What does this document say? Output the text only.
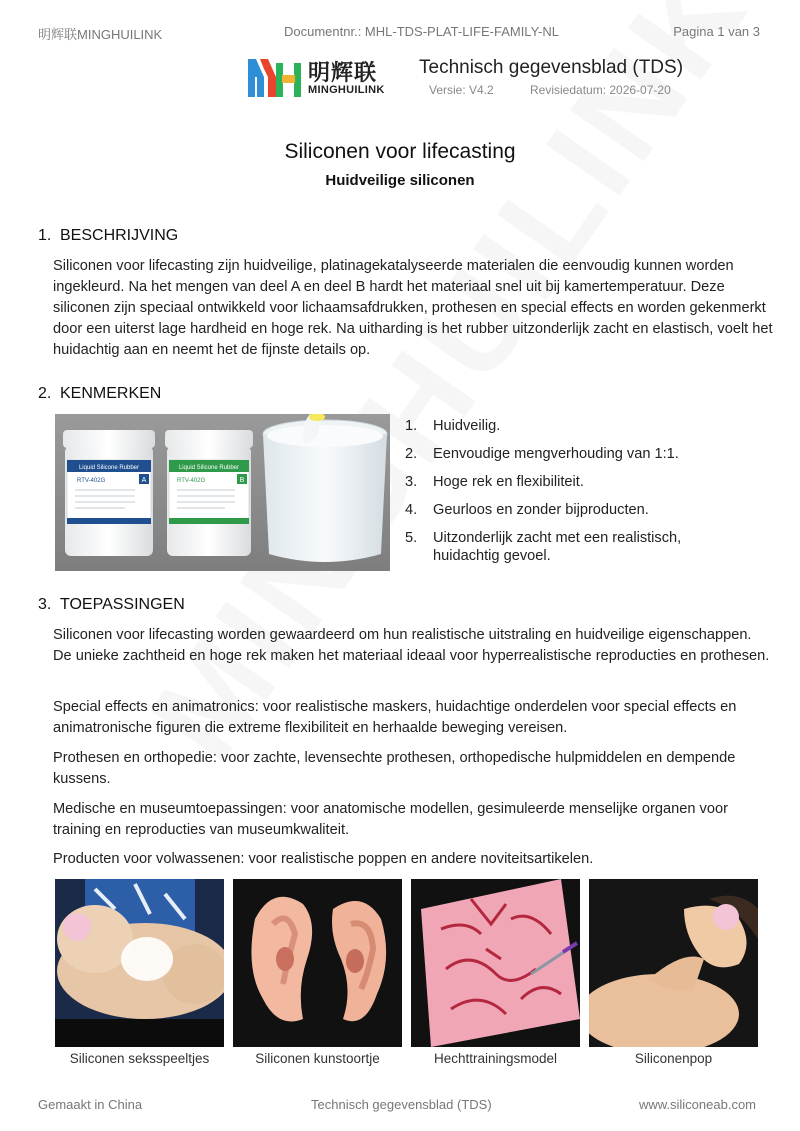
明辉联MINGHUILINK	Documentnr.: MHL-TDS-PLAT-LIFE-FAMILY-NL	Pagina 1 van 3
明辉联
MINGHUILINK
Technisch gegevensblad (TDS)
Versie: V4.2	Revisiedatum: 2026-07-20
Siliconen voor lifecasting
Huidveilige siliconen
1. BESCHRIJVING

Siliconen voor lifecasting zijn huidveilige, platinagekatalyseerde materialen die eenvoudig kunnen worden ingekleurd. Na het mengen van deel A en deel B hardt het materiaal snel uit bij kamertemperatuur. Deze siliconen zijn speciaal ontwikkeld voor lichaamsafdrukken, prothesen en special effects en worden gekenmerkt door een uiterst lage hardheid en hoge rek. Na uitharding is het rubber uitzonderlijk zacht en elastisch, voelt het huidachtig aan en neemt het de fijnste details op.

2. KENMERKEN
Liquid Silicone Rubber
RTV-402G	A
Liquid Silicone Rubber
RTV-402G	B
1. Huidveilig.
2. Eenvoudige mengverhouding van 1:1.
3. Hoge rek en flexibiliteit.
4. Geurloos en zonder bijproducten.
5. Uitzonderlijk zacht met een realistisch, huidachtig gevoel.
3. TOEPASSINGEN

Siliconen voor lifecasting worden gewaardeerd om hun realistische uitstraling en huidveilige eigenschappen. De unieke zachtheid en hoge rek maken het materiaal ideaal voor hyperrealistische reproducties en prothesen.

Special effects en animatronics: voor realistische maskers, huidachtige onderdelen voor special effects en animatronische figuren die extreme flexibiliteit en herhaalde beweging vereisen.

Prothesen en orthopedie: voor zachte, levensechte prothesen, orthopedische hulpmiddelen en dempende kussens.

Medische en museumtoepassingen: voor anatomische modellen, gesimuleerde menselijke organen voor training en reproducties van museumkwaliteit.

Producten voor volwassenen: voor realistische poppen en andere noviteitsartikelen.

Siliconen seksspeeltjes	Siliconen kunstoortje	Hechttrainingsmodel	Siliconenpop
Gemaakt in China	Technisch gegevensblad (TDS)	www.siliconeab.com
